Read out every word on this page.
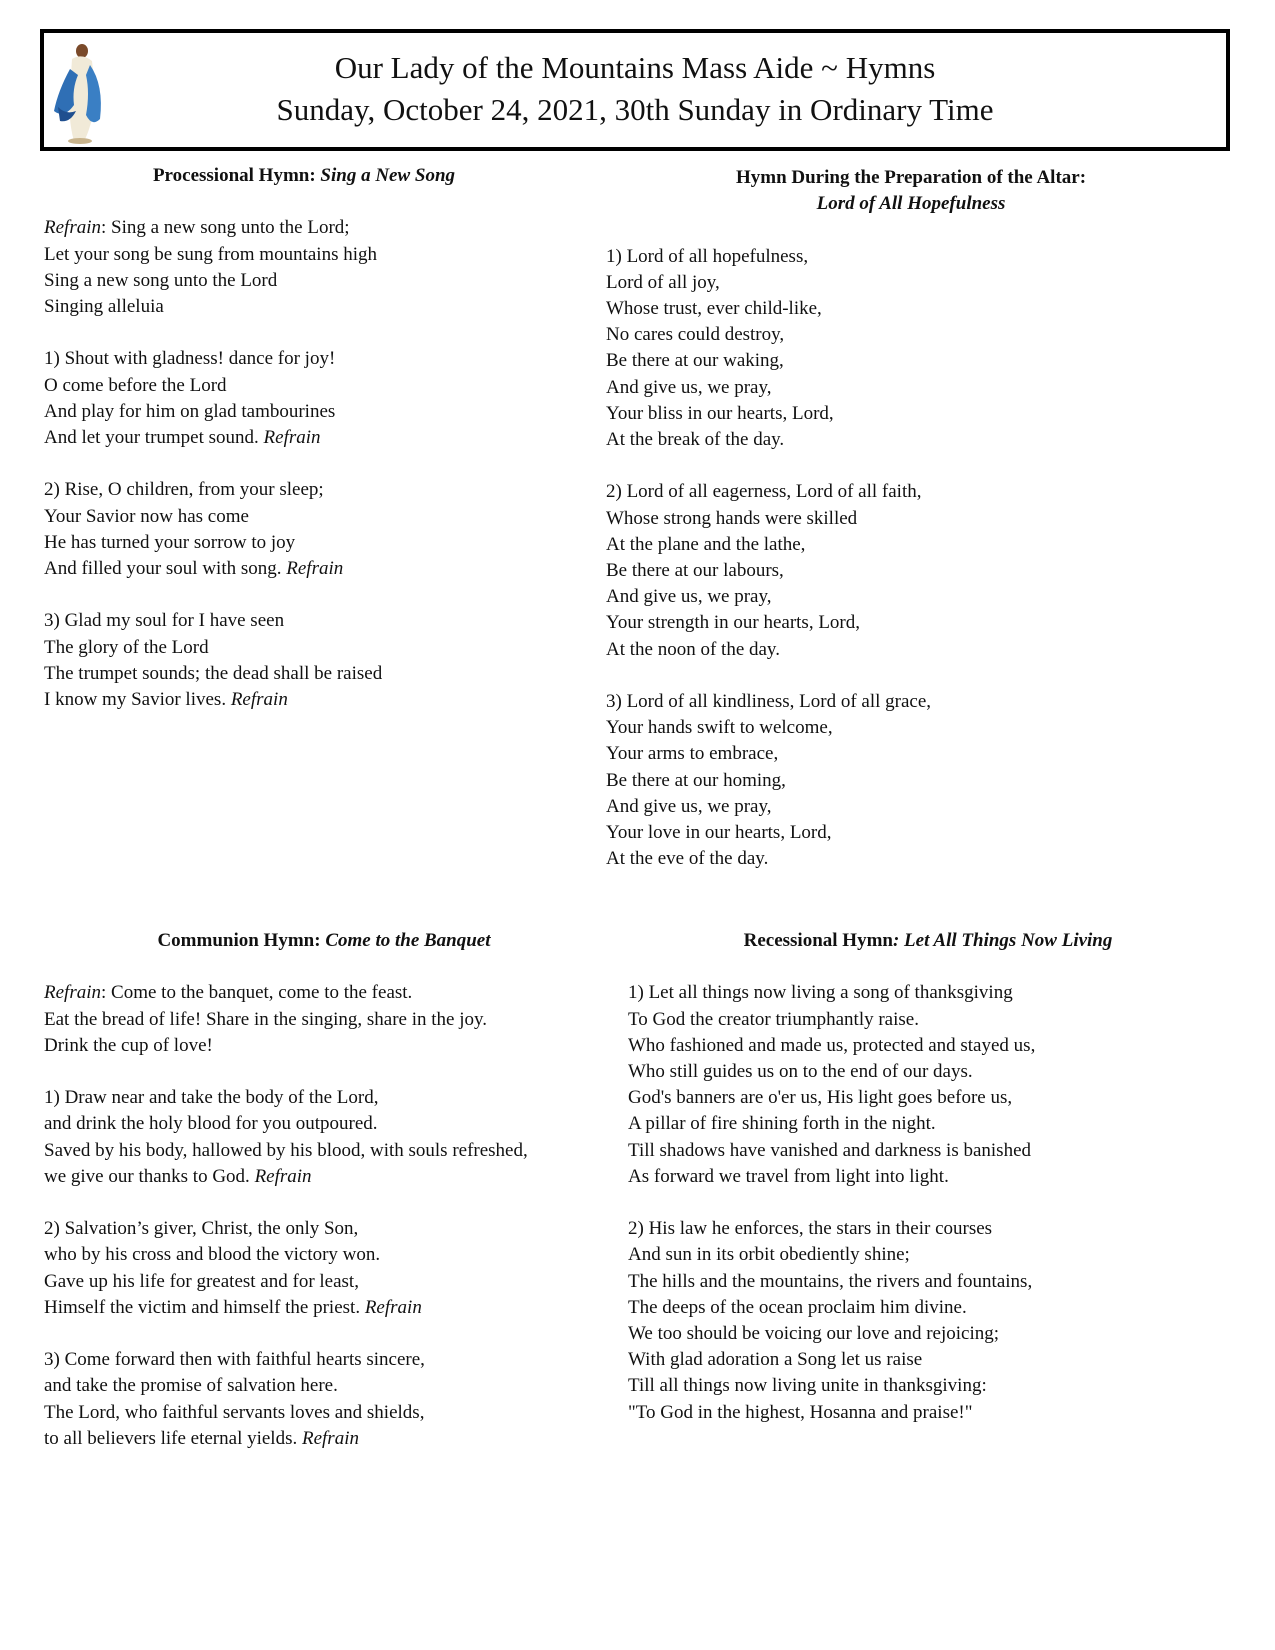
Our Lady of the Mountains Mass Aide ~ Hymns
Sunday, October 24, 2021, 30th Sunday in Ordinary Time
Processional Hymn: Sing a New Song
Refrain: Sing a new song unto the Lord;
Let your song be sung from mountains high
Sing a new song unto the Lord
Singing alleluia
1) Shout with gladness! dance for joy!
O come before the Lord
And play for him on glad tambourines
And let your trumpet sound. Refrain
2) Rise, O children, from your sleep;
Your Savior now has come
He has turned your sorrow to joy
And filled your soul with song. Refrain
3) Glad my soul for I have seen
The glory of the Lord
The trumpet sounds; the dead shall be raised
I know my Savior lives. Refrain
Hymn During the Preparation of the Altar:
Lord of All Hopefulness
1) Lord of all hopefulness,
Lord of all joy,
Whose trust, ever child-like,
No cares could destroy,
Be there at our waking,
And give us, we pray,
Your bliss in our hearts, Lord,
At the break of the day.
2) Lord of all eagerness, Lord of all faith,
Whose strong hands were skilled
At the plane and the lathe,
Be there at our labours,
And give us, we pray,
Your strength in our hearts, Lord,
At the noon of the day.
3) Lord of all kindliness, Lord of all grace,
Your hands swift to welcome,
Your arms to embrace,
Be there at our homing,
And give us, we pray,
Your love in our hearts, Lord,
At the eve of the day.
Communion Hymn: Come to the Banquet
Refrain: Come to the banquet, come to the feast.
Eat the bread of life! Share in the singing, share in the joy.
Drink the cup of love!
1) Draw near and take the body of the Lord,
and drink the holy blood for you outpoured.
Saved by his body, hallowed by his blood, with souls refreshed,
we give our thanks to God. Refrain
2) Salvation’s giver, Christ, the only Son,
who by his cross and blood the victory won.
Gave up his life for greatest and for least,
Himself the victim and himself the priest. Refrain
3) Come forward then with faithful hearts sincere,
and take the promise of salvation here.
The Lord, who faithful servants loves and shields,
to all believers life eternal yields. Refrain
Recessional Hymn: Let All Things Now Living
1) Let all things now living a song of thanksgiving
To God the creator triumphantly raise.
Who fashioned and made us, protected and stayed us,
Who still guides us on to the end of our days.
God's banners are o'er us, His light goes before us,
A pillar of fire shining forth in the night.
Till shadows have vanished and darkness is banished
As forward we travel from light into light.
2) His law he enforces, the stars in their courses
And sun in its orbit obediently shine;
The hills and the mountains, the rivers and fountains,
The deeps of the ocean proclaim him divine.
We too should be voicing our love and rejoicing;
With glad adoration a Song let us raise
Till all things now living unite in thanksgiving:
"To God in the highest, Hosanna and praise!"
